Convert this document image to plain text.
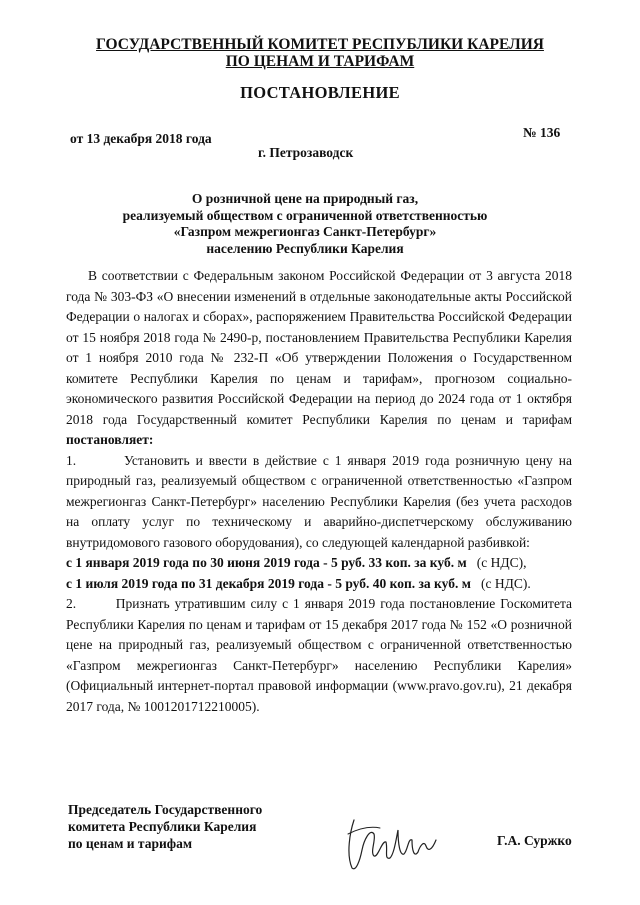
ГОСУДАРСТВЕННЫЙ КОМИТЕТ РЕСПУБЛИКИ КАРЕЛИЯ
ПО ЦЕНАМ И ТАРИФАМ
ПОСТАНОВЛЕНИЕ
от 13 декабря 2018 года	№ 136
г. Петрозаводск
О розничной цене на природный газ,
реализуемый обществом с ограниченной ответственностью
«Газпром межрегионгаз Санкт-Петербург»
населению Республики Карелия

В соответствии с Федеральным законом Российской Федерации от 3 августа 2018 года № 303-ФЗ «О внесении изменений в отдельные законодательные акты Российской Федерации о налогах и сборах», распоряжением Правительства Российской Федерации от 15 ноября 2018 года № 2490-р, постановлением Правительства Республики Карелия от 1 ноября 2010 года № 232-П «Об утверждении Положения о Государственном комитете Республики Карелия по ценам и тарифам», прогнозом социально-экономического развития Российской Федерации на период до 2024 года от 1 октября 2018 года Государственный комитет Республики Карелия по ценам и тарифам постановляет:

1.	Установить и ввести в действие с 1 января 2019 года розничную цену на природный газ, реализуемый обществом с ограниченной ответственностью «Газпром межрегионгаз Санкт-Петербург» населению Республики Карелия (без учета расходов на оплату услуг по техническому и аварийно-диспетчерскому обслуживанию внутридомового газового оборудования), со следующей календарной разбивкой:

с 1 января 2019 года по 30 июня 2019 года - 5 руб. 33 коп. за куб. м (с НДС),

с 1 июля 2019 года по 31 декабря 2019 года - 5 руб. 40 коп. за куб. м (с НДС).

2.	Признать утратившим силу с 1 января 2019 года постановление Госкомитета Республики Карелия по ценам и тарифам от 15 декабря 2017 года № 152 «О розничной цене на природный газ, реализуемый обществом с ограниченной ответственностью «Газпром межрегионгаз Санкт-Петербург» населению Республики Карелия» (Официальный интернет-портал правовой информации (www.pravo.gov.ru), 21 декабря 2017 года, № 1001201712210005).

Председатель Государственного
комитета Республики Карелия
по ценам и тарифам	Г.А. Суржко
